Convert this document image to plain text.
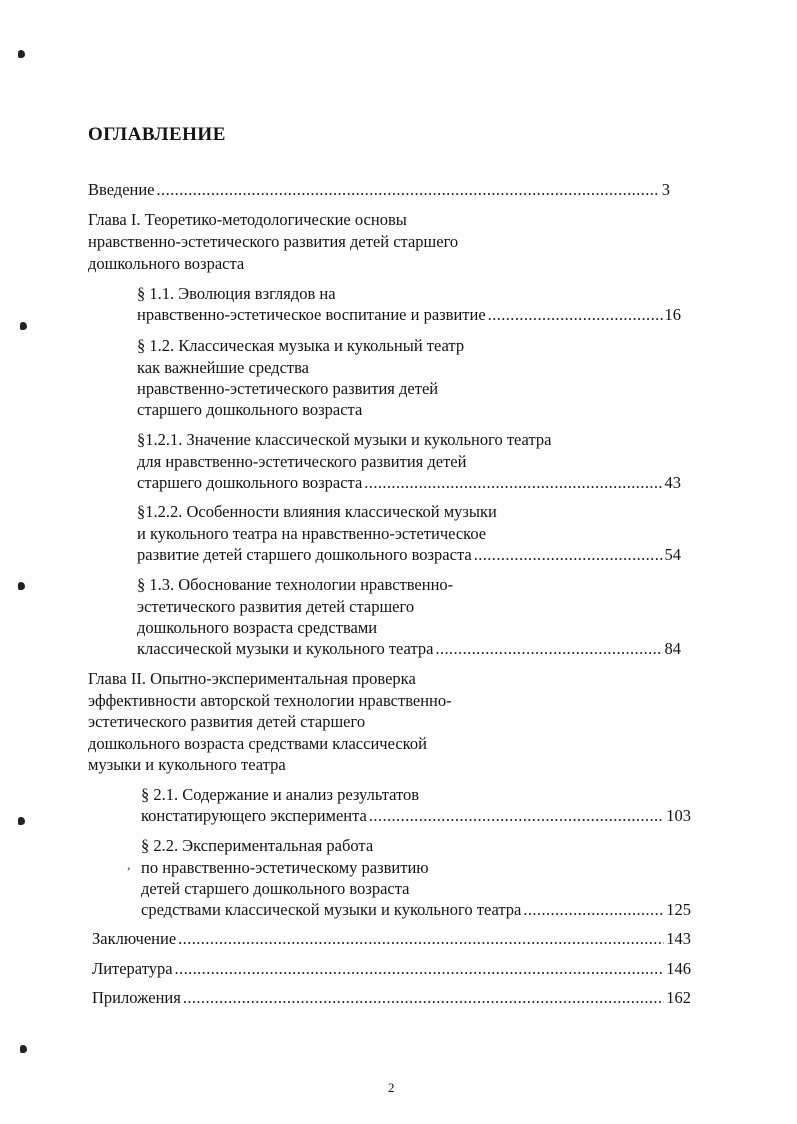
,
ОГЛАВЛЕНИЕ
Введение .....	3
Глава I. Теоретико-методологические основы
нравственно-эстетического развития детей старшего
дошкольного возраста
§ 1.1. Эволюция взглядов на
нравственно-эстетическое воспитание и развитие .....	16
§ 1.2. Классическая музыка и кукольный театр
как важнейшие средства
нравственно-эстетического развития детей
старшего дошкольного возраста
§1.2.1. Значение классической музыки и кукольного театра
для нравственно-эстетического развития детей
старшего дошкольного возраста .....	43
§1.2.2. Особенности влияния классической музыки
и кукольного театра на нравственно-эстетическое
развитие детей старшего дошкольного возраста .....	54
§ 1.3. Обоснование технологии нравственно-
эстетического развития детей старшего
дошкольного возраста средствами
классической музыки и кукольного театра .....	84
Глава II. Опытно-экспериментальная проверка
эффективности авторской технологии нравственно-
эстетического развития детей старшего
дошкольного возраста средствами классической
музыки и кукольного театра
§ 2.1. Содержание и анализ результатов
констатирующего эксперимента .....	103
§ 2.2. Экспериментальная работа
по нравственно-эстетическому развитию
детей старшего дошкольного возраста
средствами классической музыки и кукольного театра .....	125
Заключение .....	143
Литература .....	146
Приложения .....	162
2
